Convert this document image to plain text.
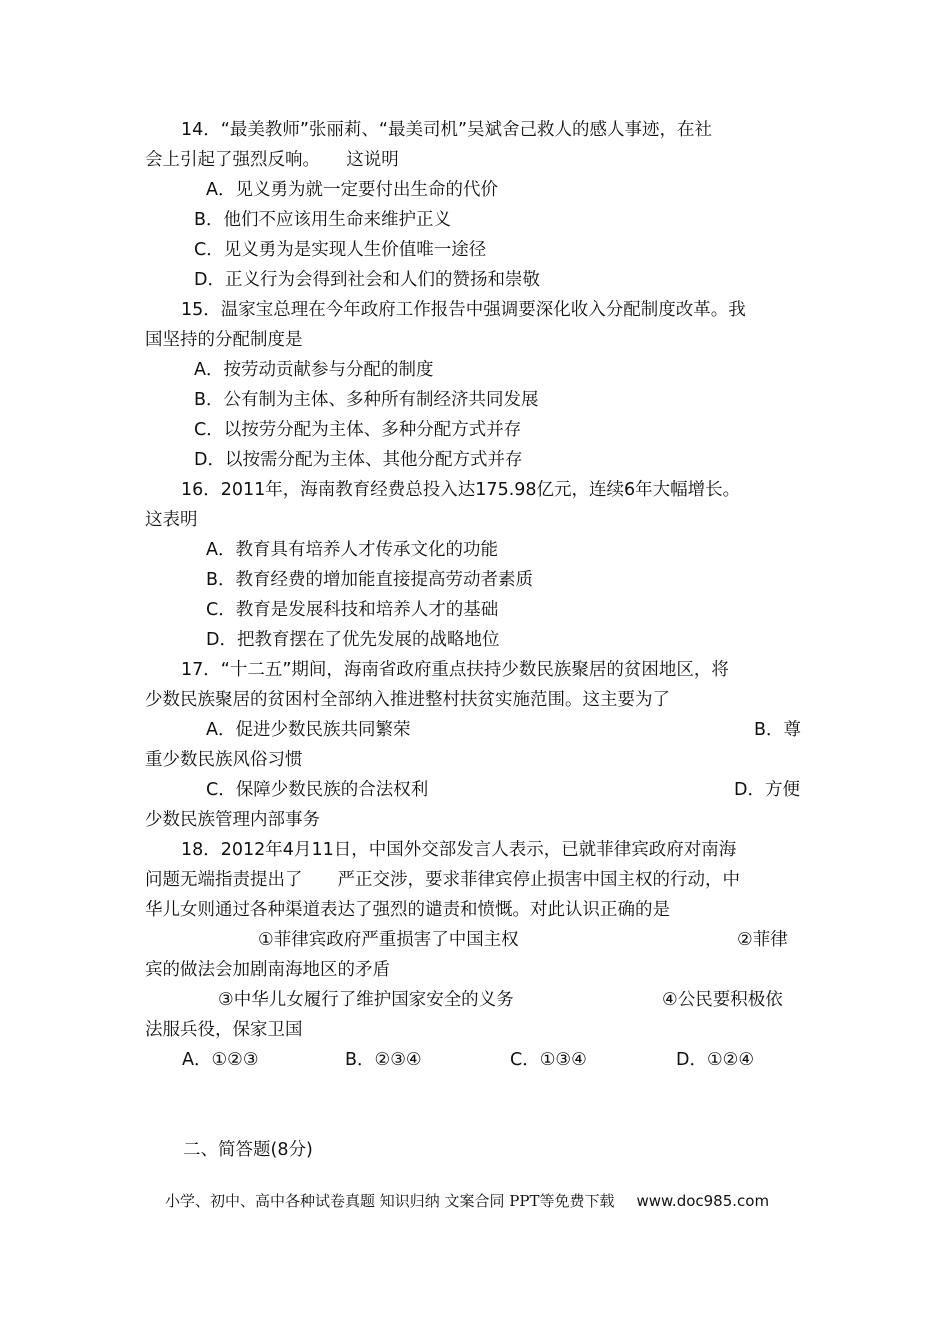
14．“最美教师”张丽莉、“最美司机”吴斌舍己救人的感人事迹，在社
会上引起了强烈反响。　　这说明
A．见义勇为就一定要付出生命的代价
B．他们不应该用生命来维护正义
C．见义勇为是实现人生价值唯一途径
D．正义行为会得到社会和人们的赞扬和崇敬
15．温家宝总理在今年政府工作报告中强调要深化收入分配制度改革。我
国坚持的分配制度是
A．按劳动贡献参与分配的制度
B．公有制为主体、多种所有制经济共同发展
C．以按劳分配为主体、多种分配方式并存
D．以按需分配为主体、其他分配方式并存
16．2011年，海南教育经费总投入达175.98亿元，连续6年大幅增长。
这表明
A．教育具有培养人才传承文化的功能
B．教育经费的增加能直接提高劳动者素质
C．教育是发展科技和培养人才的基础
D．把教育摆在了优先发展的战略地位
17．“十二五”期间，海南省政府重点扶持少数民族聚居的贫困地区，将
少数民族聚居的贫困村全部纳入推进整村扶贫实施范围。这主要为了
A．促进少数民族共同繁荣	B．尊
重少数民族风俗习惯
C．保障少数民族的合法权利	D．方便
少数民族管理内部事务
18．2012年4月11日，中国外交部发言人表示，已就菲律宾政府对南海
问题无端指责提出了　　严正交涉，要求菲律宾停止损害中国主权的行动，中
华儿女则通过各种渠道表达了强烈的谴责和愤慨。对此认识正确的是
①菲律宾政府严重损害了中国主权	②菲律
宾的做法会加剧南海地区的矛盾
③中华儿女履行了维护国家安全的义务	④公民要积极依
法服兵役，保家卫国
A．①②③	B．②③④	C．①③④	D．①②④
二、简答题(8分)
小学、初中、高中各种试卷真题 知识归纳 文案合同 PPT等免费下载 www.doc985.com
